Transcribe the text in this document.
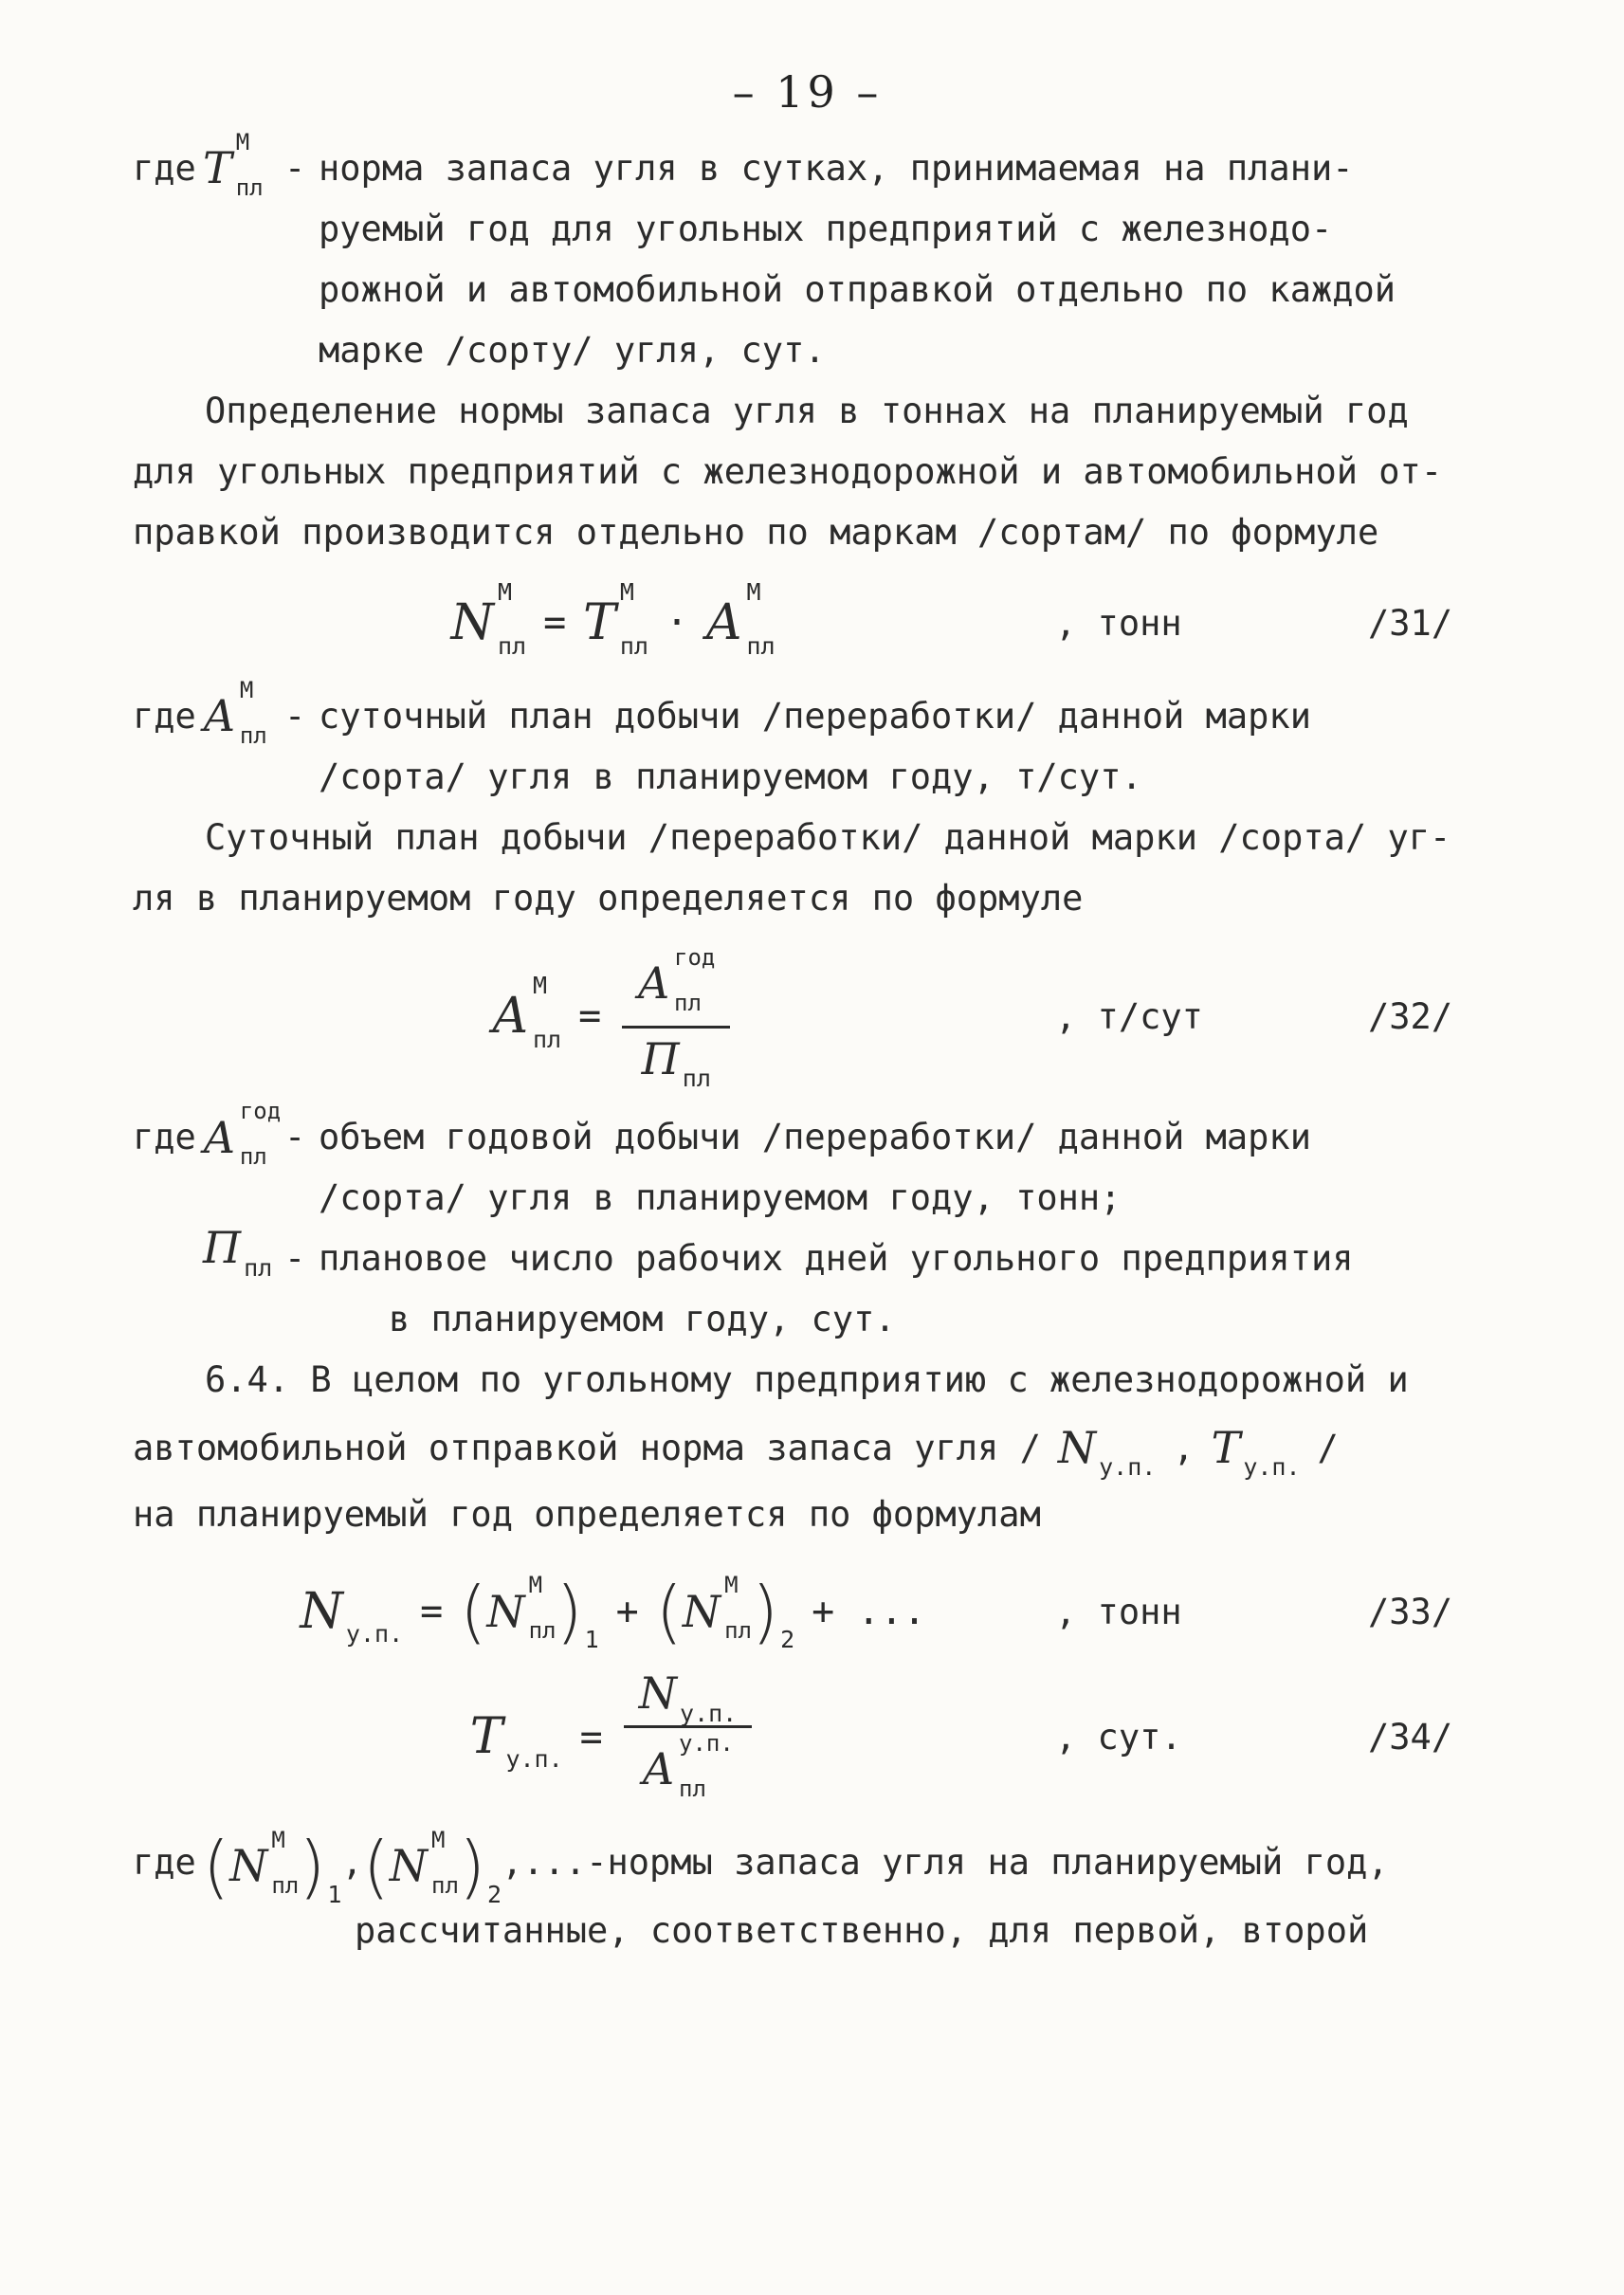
– 19 –
где Т
М
пл - норма запаса угля в сутках, принимаемая на плани-
руемый год для угольных предприятий с железнодо-
рожной и автомобильной отправкой отдельно по каждой
марке /сорту/ угля, сут.
Определение нормы запаса угля в тоннах на планируемый год
для угольных предприятий с железнодорожной и автомобильной от-
правкой производится отдельно по маркам /сортам/ по формуле
N
М
пл
= Т
М
пл
· А
М
пл
, тонн	/31/
где А
М
пл - суточный план добычи /переработки/ данной марки
/сорта/ угля в планируемом году, т/сут.
Суточный план добычи /переработки/ данной марки /сорта/ уг-
ля в планируемом году определяется по формуле
А
М
пл
= А
год
пл
П пл	, т/сут	/32/
где А
год
пл - объем годовой добычи /переработки/ данной марки
/сорта/ угля в планируемом году, тонн;
П пл - плановое число рабочих дней угольного предприятия
в планируемом году, сут.
6.4. В целом по угольному предприятию с железнодорожной и
автомобильной отправкой норма запаса угля / N у.п. , Т у.п. /
на планируемый год определяется по формулам
N у.п. = ( N
М
пл ) 1
+ ( N
М
пл ) 2
+ ...	, тонн	/33/
Т у.п. = N у.п.
А
у.п.
пл	, сут.	/34/
где ( N
М
пл ) 1
, ( N
М
пл ) 2
,...- нормы запаса угля на планируемый год,
рассчитанные, соответственно, для первой, второй
